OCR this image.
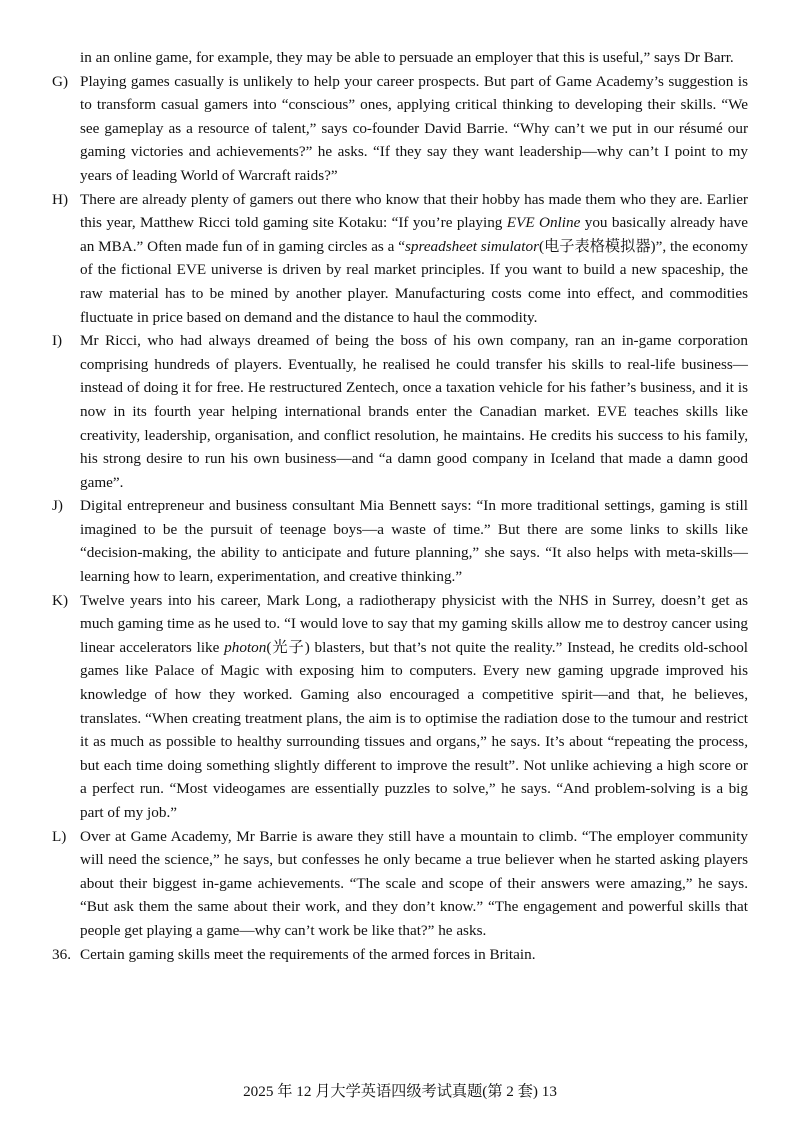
in an online game, for example, they may be able to persuade an employer that this is useful,” says Dr Barr.

G) Playing games casually is unlikely to help your career prospects. But part of Game Academy’s suggestion is to transform casual gamers into “conscious” ones, applying critical thinking to developing their skills. “We see gameplay as a resource of talent,” says co-founder David Barrie. “Why can’t we put in our résumé our gaming victories and achievements?” he asks. “If they say they want leadership—why can’t I point to my years of leading World of Warcraft raids?”

H) There are already plenty of gamers out there who know that their hobby has made them who they are. Earlier this year, Matthew Ricci told gaming site Kotaku: “If you’re playing EVE Online you basically already have an MBA.” Often made fun of in gaming circles as a “spreadsheet simulator(电子表格模拟器)”, the economy of the fictional EVE universe is driven by real market principles. If you want to build a new spaceship, the raw material has to be mined by another player. Manufacturing costs come into effect, and commodities fluctuate in price based on demand and the distance to haul the commodity.

I) Mr Ricci, who had always dreamed of being the boss of his own company, ran an in-game corporation comprising hundreds of players. Eventually, he realised he could transfer his skills to real-life business—instead of doing it for free. He restructured Zentech, once a taxation vehicle for his father’s business, and it is now in its fourth year helping international brands enter the Canadian market. EVE teaches skills like creativity, leadership, organisation, and conflict resolution, he maintains. He credits his success to his family, his strong desire to run his own business—and “a damn good company in Iceland that made a damn good game”.

J) Digital entrepreneur and business consultant Mia Bennett says: “In more traditional settings, gaming is still imagined to be the pursuit of teenage boys—a waste of time.” But there are some links to skills like “decision-making, the ability to anticipate and future planning,” she says. “It also helps with meta-skills—learning how to learn, experimentation, and creative thinking.”

K) Twelve years into his career, Mark Long, a radiotherapy physicist with the NHS in Surrey, doesn’t get as much gaming time as he used to. “I would love to say that my gaming skills allow me to destroy cancer using linear accelerators like photon(光子) blasters, but that’s not quite the reality.” Instead, he credits old-school games like Palace of Magic with exposing him to computers. Every new gaming upgrade improved his knowledge of how they worked. Gaming also encouraged a competitive spirit—and that, he believes, translates. “When creating treatment plans, the aim is to optimise the radiation dose to the tumour and restrict it as much as possible to healthy surrounding tissues and organs,” he says. It’s about “repeating the process, but each time doing something slightly different to improve the result”. Not unlike achieving a high score or a perfect run. “Most videogames are essentially puzzles to solve,” he says. “And problem-solving is a big part of my job.”

L) Over at Game Academy, Mr Barrie is aware they still have a mountain to climb. “The employer community will need the science,” he says, but confesses he only became a true believer when he started asking players about their biggest in-game achievements. “The scale and scope of their answers were amazing,” he says. “But ask them the same about their work, and they don’t know.” “The engagement and powerful skills that people get playing a game—why can’t work be like that?” he asks.

36. Certain gaming skills meet the requirements of the armed forces in Britain.

2025 年 12 月大学英语四级考试真题(第 2 套) 13
